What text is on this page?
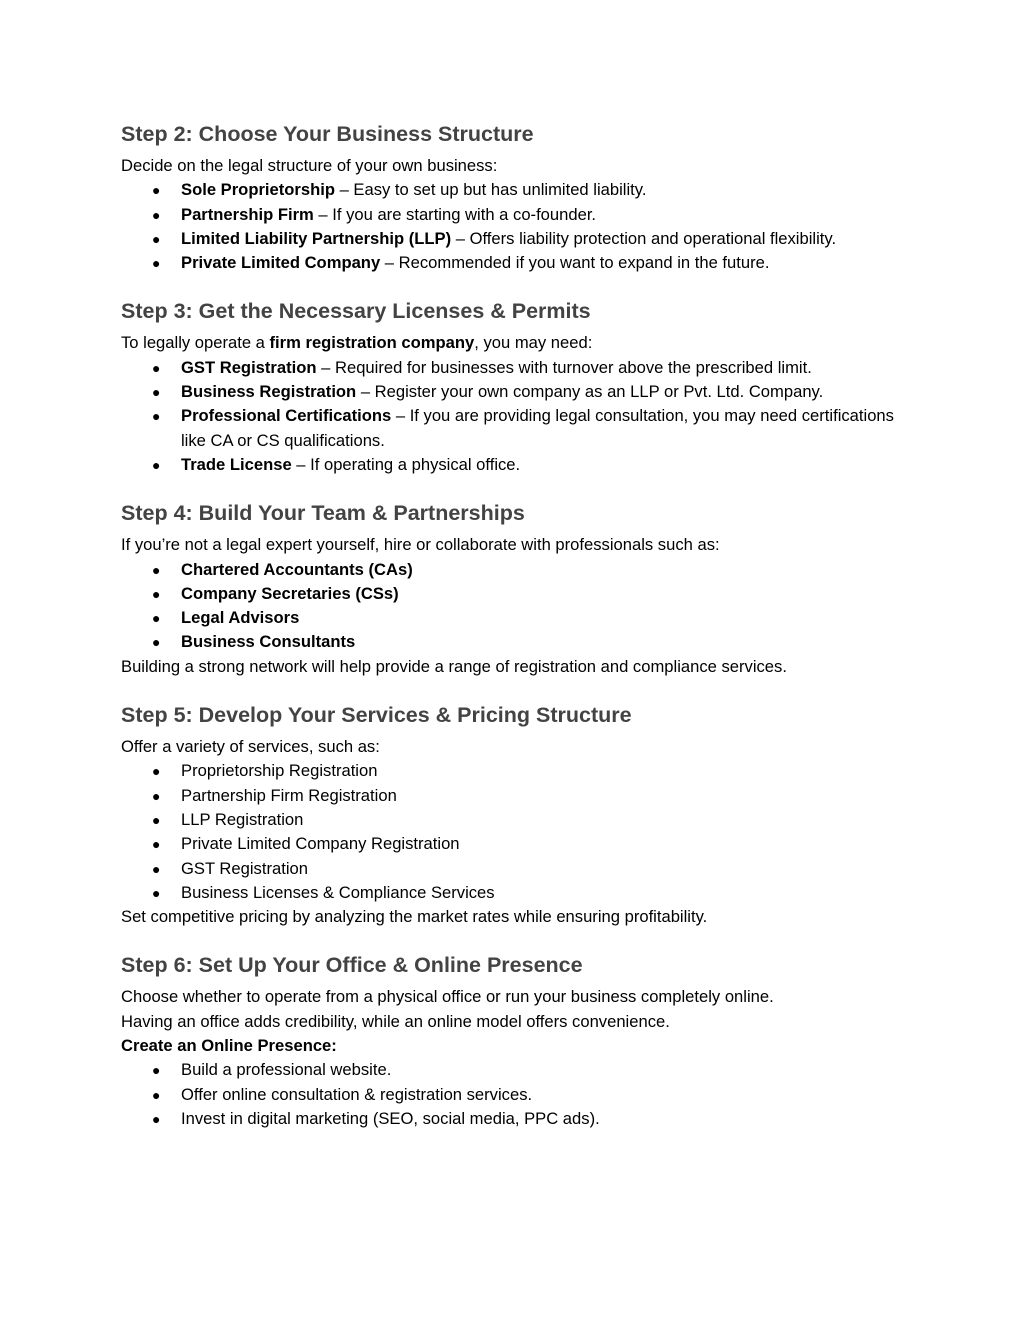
Step 2: Choose Your Business Structure

Decide on the legal structure of your own business:

● Sole Proprietorship – Easy to set up but has unlimited liability.
● Partnership Firm – If you are starting with a co-founder.
● Limited Liability Partnership (LLP) – Offers liability protection and operational flexibility.
● Private Limited Company – Recommended if you want to expand in the future.
Step 3: Get the Necessary Licenses & Permits

To legally operate a firm registration company, you may need:

● GST Registration – Required for businesses with turnover above the prescribed limit.
● Business Registration – Register your own company as an LLP or Pvt. Ltd. Company.
● Professional Certifications – If you are providing legal consultation, you may need certifications like CA or CS qualifications.
● Trade License – If operating a physical office.
Step 4: Build Your Team & Partnerships

If you’re not a legal expert yourself, hire or collaborate with professionals such as:

● Chartered Accountants (CAs)
● Company Secretaries (CSs)
● Legal Advisors
● Business Consultants

Building a strong network will help provide a range of registration and compliance services.

Step 5: Develop Your Services & Pricing Structure

Offer a variety of services, such as:

● Proprietorship Registration
● Partnership Firm Registration
● LLP Registration
● Private Limited Company Registration
● GST Registration
● Business Licenses & Compliance Services

Set competitive pricing by analyzing the market rates while ensuring profitability.

Step 6: Set Up Your Office & Online Presence

Choose whether to operate from a physical office or run your business completely online.

Having an office adds credibility, while an online model offers convenience.

Create an Online Presence:

● Build a professional website.
● Offer online consultation & registration services.
● Invest in digital marketing (SEO, social media, PPC ads).
